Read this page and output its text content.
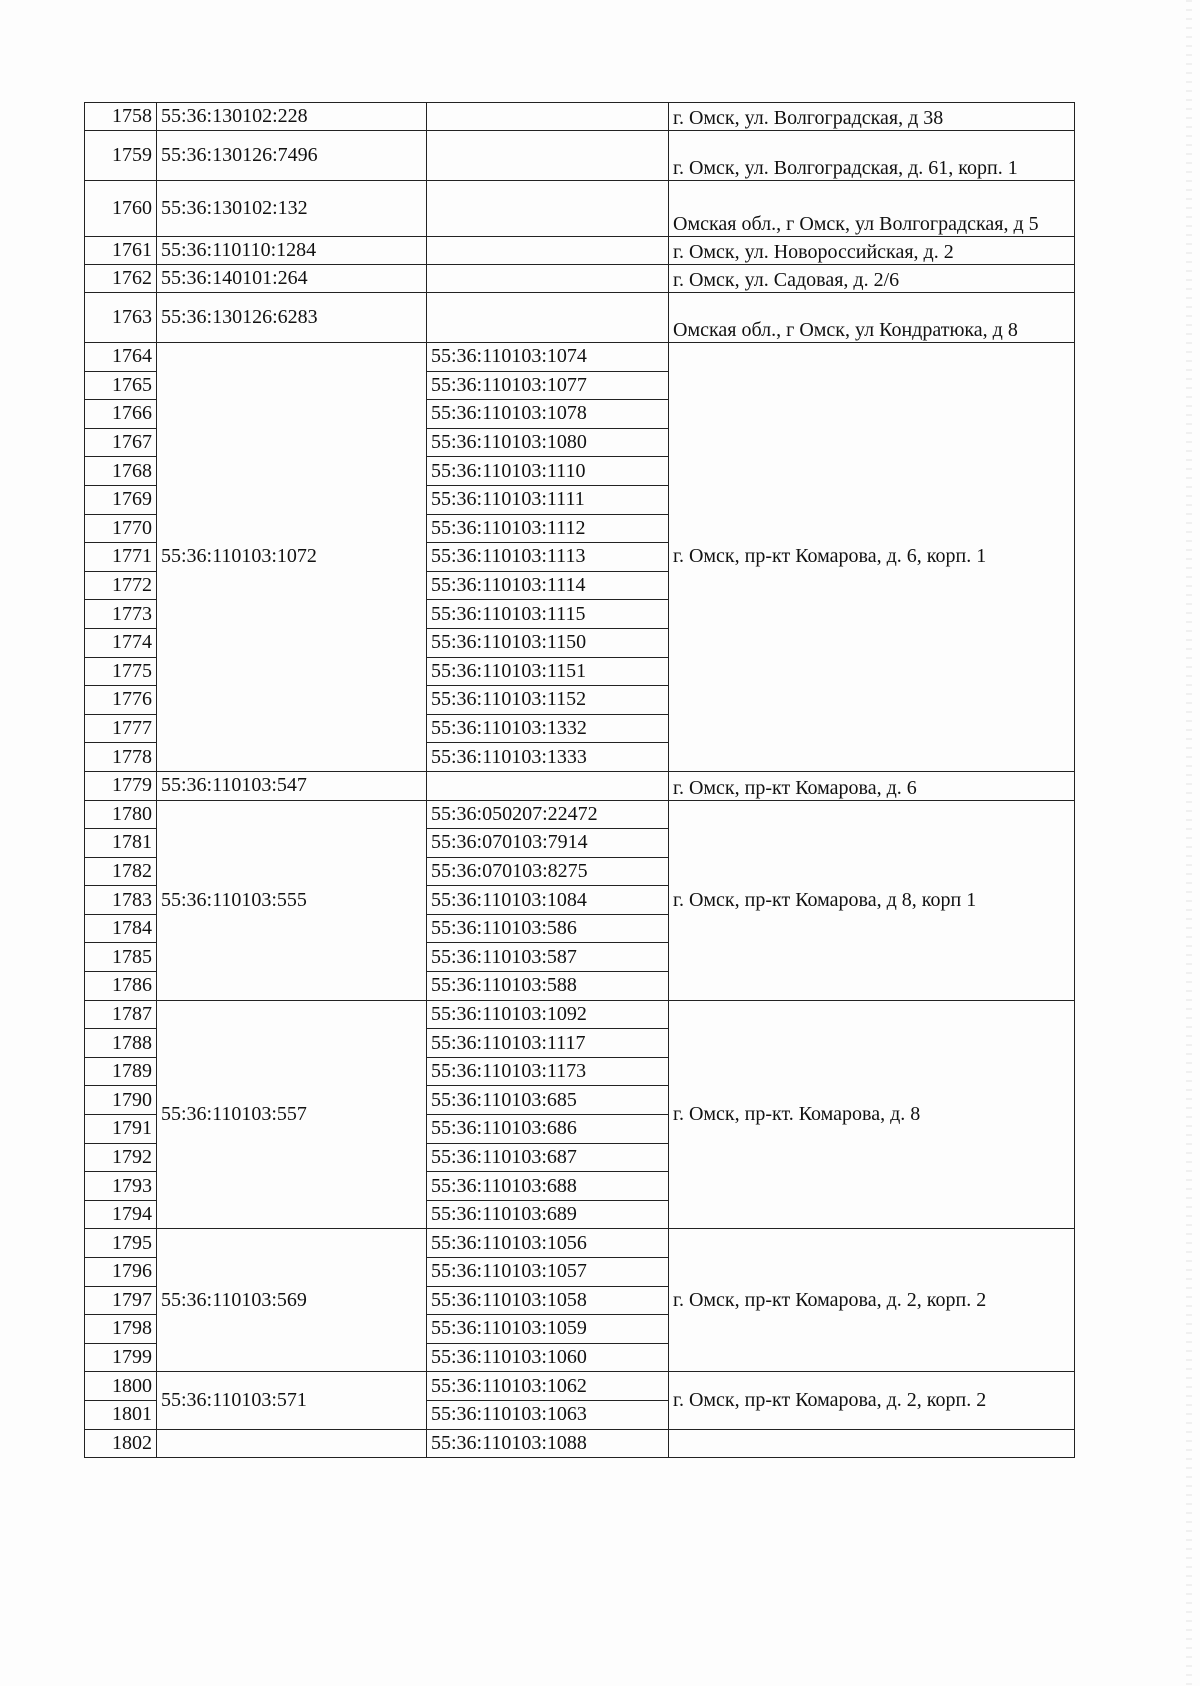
1758	55:36:130102:228		г. Омск, ул. Волгоградская, д 38
1759	55:36:130126:7496		г. Омск, ул. Волгоградская, д. 61, корп. 1
1760	55:36:130102:132		Омская обл., г Омск, ул Волгоградская, д 5
1761	55:36:110110:1284		г. Омск, ул. Новороссийская, д. 2
1762	55:36:140101:264		г. Омск, ул. Садовая, д. 2/6
1763	55:36:130126:6283		Омская обл., г Омск, ул Кондратюка, д 8
1764	55:36:110103:1072	55:36:110103:1074	г. Омск, пр-кт Комарова, д. 6, корп. 1
1765		55:36:110103:1077	
1766		55:36:110103:1078	
1767		55:36:110103:1080	
1768		55:36:110103:1110	
1769		55:36:110103:1111	
1770		55:36:110103:1112	
1771		55:36:110103:1113	
1772		55:36:110103:1114	
1773		55:36:110103:1115	
1774		55:36:110103:1150	
1775		55:36:110103:1151	
1776		55:36:110103:1152	
1777		55:36:110103:1332	
1778		55:36:110103:1333	
1779	55:36:110103:547		г. Омск, пр-кт Комарова, д. 6
1780	55:36:110103:555	55:36:050207:22472	г. Омск, пр-кт Комарова, д 8, корп 1
1781		55:36:070103:7914	
1782		55:36:070103:8275	
1783		55:36:110103:1084	
1784		55:36:110103:586	
1785		55:36:110103:587	
1786		55:36:110103:588	
1787	55:36:110103:557	55:36:110103:1092	г. Омск, пр-кт. Комарова, д. 8
1788		55:36:110103:1117	
1789		55:36:110103:1173	
1790		55:36:110103:685	
1791		55:36:110103:686	
1792		55:36:110103:687	
1793		55:36:110103:688	
1794		55:36:110103:689	
1795	55:36:110103:569	55:36:110103:1056	г. Омск, пр-кт Комарова, д. 2, корп. 2
1796		55:36:110103:1057	
1797		55:36:110103:1058	
1798		55:36:110103:1059	
1799		55:36:110103:1060	
1800	55:36:110103:571	55:36:110103:1062	г. Омск, пр-кт Комарова, д. 2, корп. 2
1801		55:36:110103:1063	
1802		55:36:110103:1088	
